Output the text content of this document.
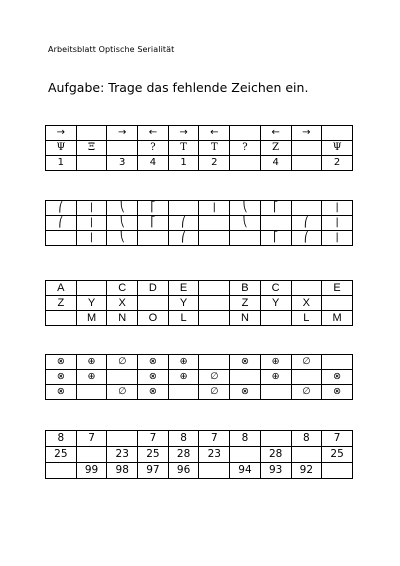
Arbeitsblatt Optische Serialität
Aufgabe: Trage das fehlende Zeichen ein.
→		→	←	→	←		←	→	
Ψ	Ξ		?	Τ	Τ	?	Ζ		Ψ
1		3	4	1	2		4		2
⎛	|	⎝	⎡		|	⎝	⎡		|
⎛	|	⎝	⎡	⎛		⎝		⎛	|
	|	⎝		⎛			⎡	⎛	|
A		C	D	E		B	C		E
Z	Y	X		Y		Z	Y	X	
	M	N	O	L		N		L	M
⊗	⊕	∅	⊗	⊕		⊗	⊕	∅	
⊗	⊕		⊗	⊕	∅		⊕		⊗
⊗		∅	⊗		∅	⊗		∅	⊗
8	7		7	8	7	8		8	7
25		23	25	28	23		28		25
	99	98	97	96		94	93	92	
